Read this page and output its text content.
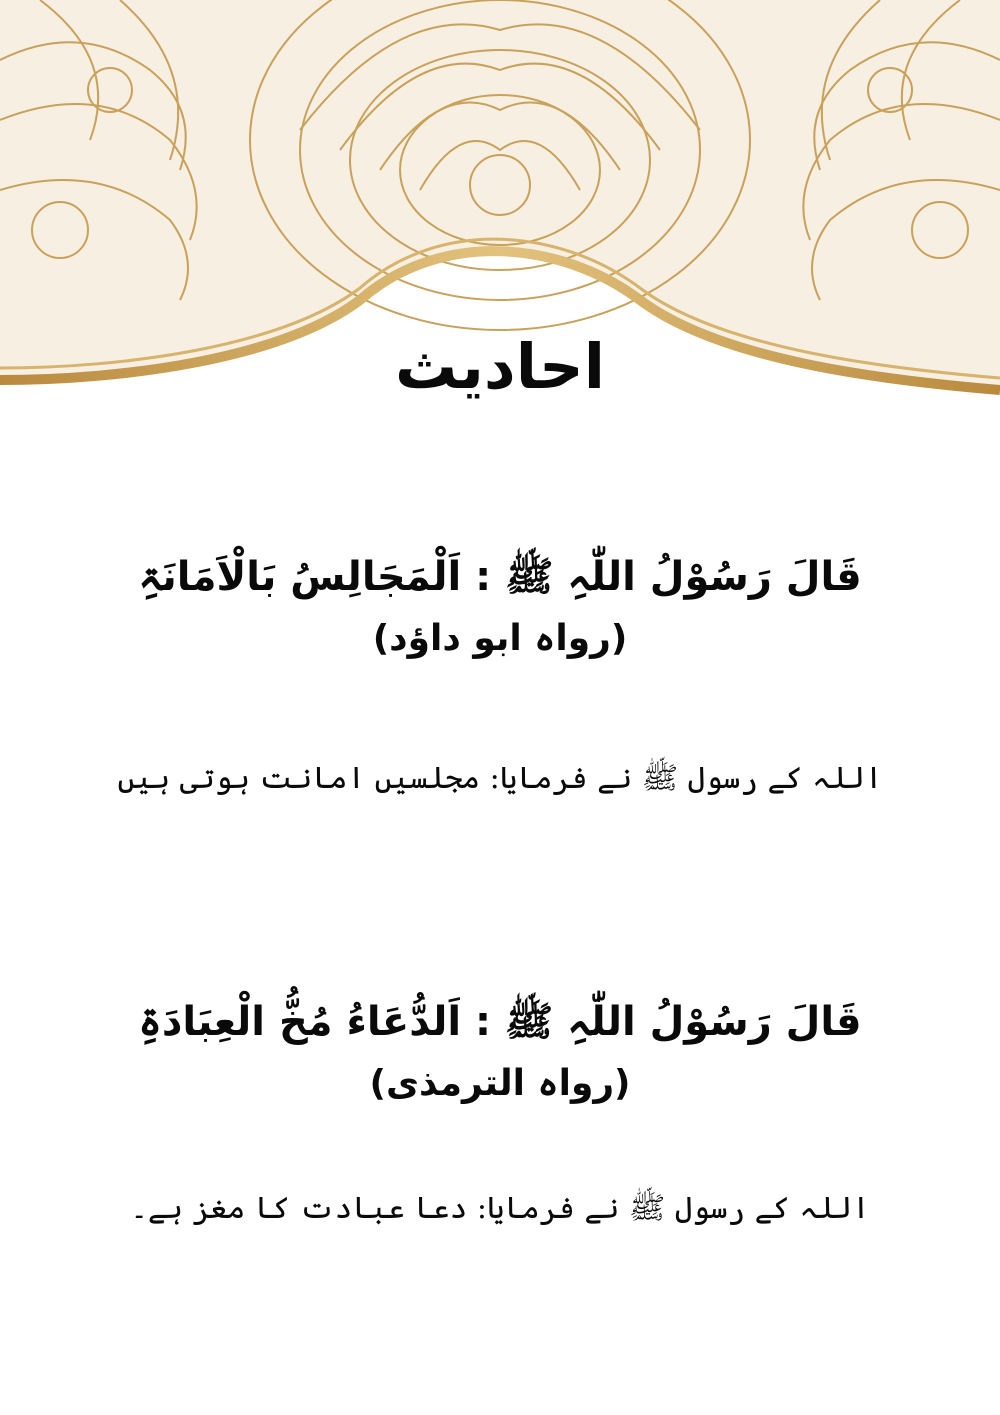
احادیث
قَالَ رَسُوْلُ اللّٰہِ ﷺ : اَلْمَجَالِسُ بَالْاَمَانَۃِ
(رواہ ابو داؤد)
اللہ کے رسول ﷺ نے فرمایا: مجلسیں امانت ہوتی ہیں
قَالَ رَسُوْلُ اللّٰہِ ﷺ : اَلدُّعَاءُ مُخُّ الْعِبَادَۃِ
(رواہ الترمذی)
اللہ کے رسول ﷺ نے فرمایا: دعا عبادت کا مغز ہے۔
